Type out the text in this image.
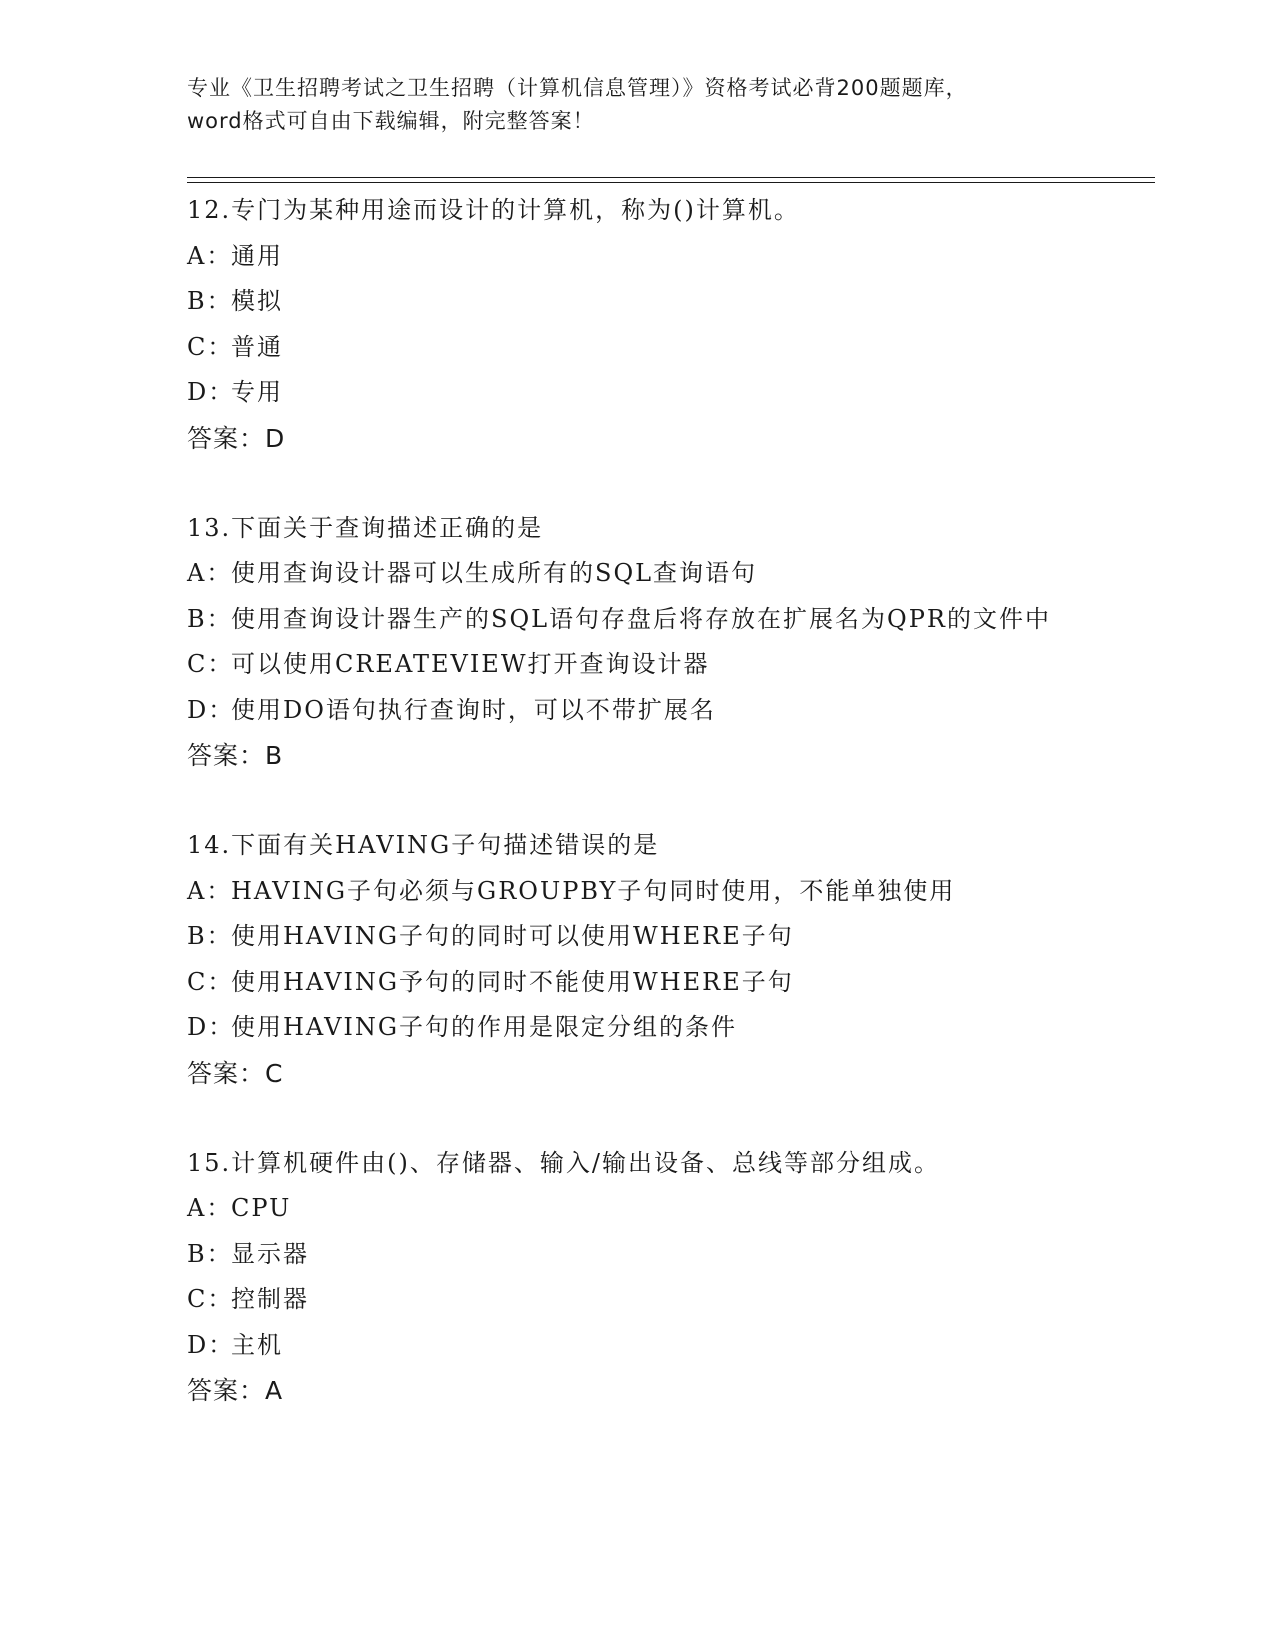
专业《卫生招聘考试之卫生招聘（计算机信息管理）》资格考试必背200题题库，
word格式可自由下载编辑，附完整答案！
12.专门为某种用途而设计的计算机，称为()计算机。
A：通用
B：模拟
C：普通
D：专用
答案：D
13.下面关于查询描述正确的是
A：使用查询设计器可以生成所有的SQL查询语句
B：使用查询设计器生产的SQL语句存盘后将存放在扩展名为QPR的文件中
C：可以使用CREATEVIEW打开查询设计器
D：使用DO语句执行查询时，可以不带扩展名
答案：B
14.下面有关HAVING子句描述错误的是
A：HAVING子句必须与GROUPBY子句同时使用，不能单独使用
B：使用HAVING子句的同时可以使用WHERE子句
C：使用HAVING予句的同时不能使用WHERE子句
D：使用HAVING子句的作用是限定分组的条件
答案：C
15.计算机硬件由()、存储器、输入/输出设备、总线等部分组成。
A：CPU
B：显示器
C：控制器
D：主机
答案：A
